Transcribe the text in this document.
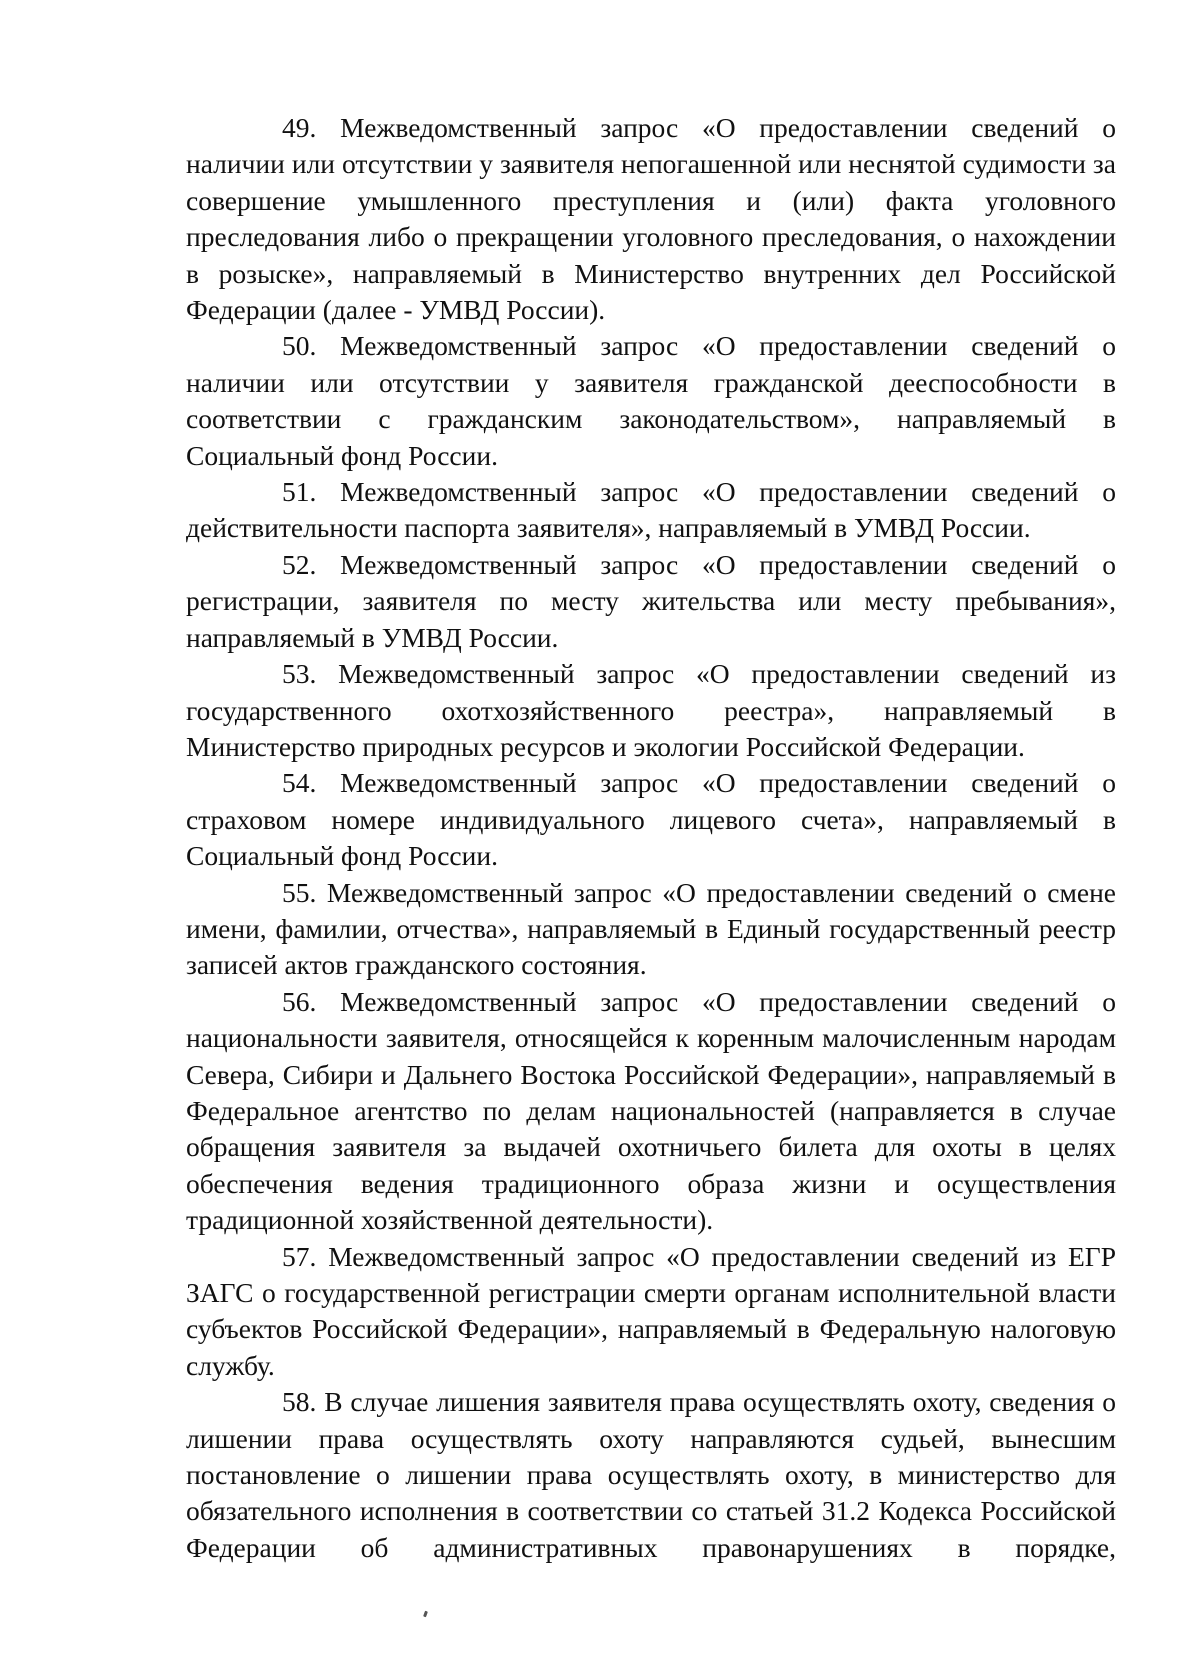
49. Межведомственный запрос «О предоставлении сведений о наличии или отсутствии у заявителя непогашенной или неснятой судимости за совершение умышленного преступления и (или) факта уголовного преследования либо о прекращении уголовного преследования, о нахождении в розыске», направляемый в Министерство внутренних дел Российской Федерации (далее - УМВД России).

50. Межведомственный запрос «О предоставлении сведений о наличии или отсутствии у заявителя гражданской дееспособности в соответствии с гражданским законодательством», направляемый в Социальный фонд России.

51. Межведомственный запрос «О предоставлении сведений о действительности паспорта заявителя», направляемый в УМВД России.

52. Межведомственный запрос «О предоставлении сведений о регистрации, заявителя по месту жительства или месту пребывания», направляемый в УМВД России.

53. Межведомственный запрос «О предоставлении сведений из государственного охотхозяйственного реестра», направляемый в Министерство природных ресурсов и экологии Российской Федерации.

54. Межведомственный запрос «О предоставлении сведений о страховом номере индивидуального лицевого счета», направляемый в Социальный фонд России.

55. Межведомственный запрос «О предоставлении сведений о смене имени, фамилии, отчества», направляемый в Единый государственный реестр записей актов гражданского состояния.

56. Межведомственный запрос «О предоставлении сведений о национальности заявителя, относящейся к коренным малочисленным народам Севера, Сибири и Дальнего Востока Российской Федерации», направляемый в Федеральное агентство по делам национальностей (направляется в случае обращения заявителя за выдачей охотничьего билета для охоты в целях обеспечения ведения традиционного образа жизни и осуществления традиционной хозяйственной деятельности).

57. Межведомственный запрос «О предоставлении сведений из ЕГР ЗАГС о государственной регистрации смерти органам исполнительной власти субъектов Российской Федерации», направляемый в Федеральную налоговую службу.

58. В случае лишения заявителя права осуществлять охоту, сведения о лишении права осуществлять охоту направляются судьей, вынесшим постановление о лишении права осуществлять охоту, в министерство для обязательного исполнения в соответствии со статьей 31.2 Кодекса Российской Федерации об административных правонарушениях в порядке,
